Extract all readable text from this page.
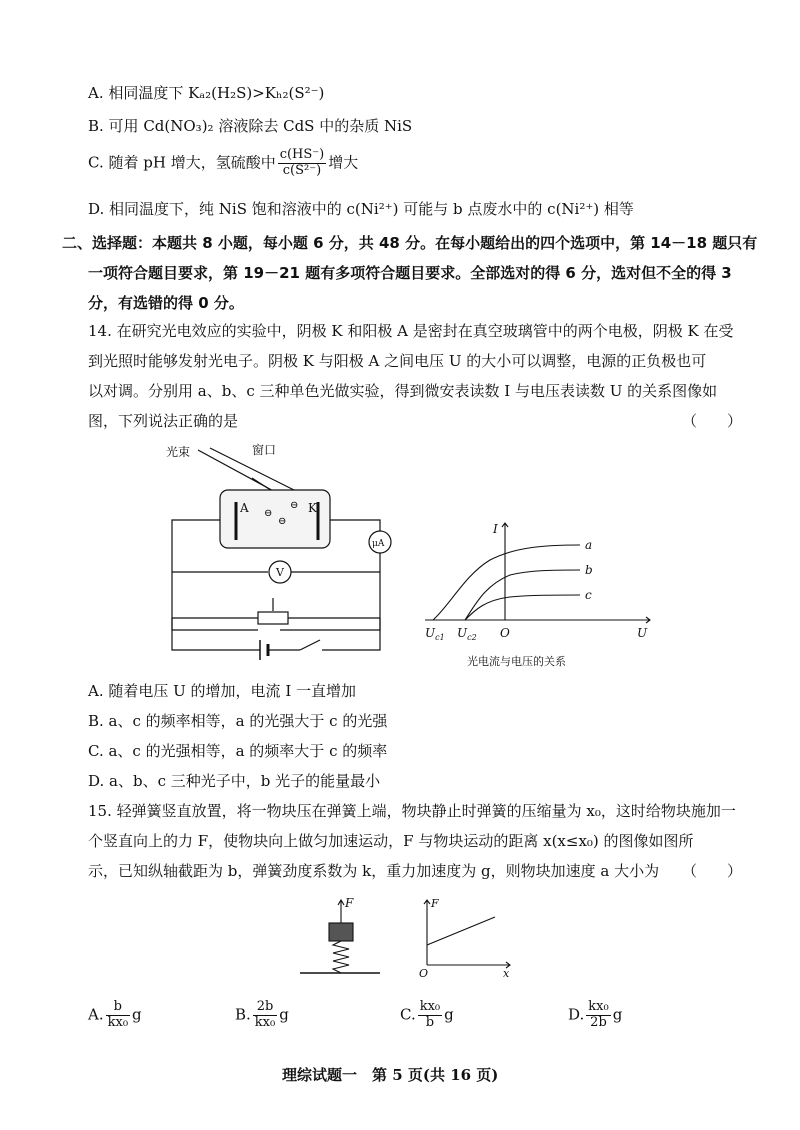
A. 相同温度下 Kₐ₂(H₂S)>Kₕ₂(S²⁻)
B. 可用 Cd(NO₃)₂ 溶液除去 CdS 中的杂质 NiS
C. 随着 pH 增大，氢硫酸中 $\frac{c(HS^-)}{\text{c(S²⁻)}}$ 增大
D. 相同温度下，纯 NiS 饱和溶液中的 c(Ni²⁺) 可能与 b 点废水中的 c(Ni²⁺) 相等
二、选择题：本题共 8 小题，每小题 6 分，共 48 分。在每小题给出的四个选项中，第 14－18 题只有
一项符合题目要求，第 19－21 题有多项符合题目要求。全部选对的得 6 分，选对但不全的得 3
分，有选错的得 0 分。
14. 在研究光电效应的实验中，阴极 K 和阳极 A 是密封在真空玻璃管中的两个电极，阴极 K 在受
到光照时能够发射光电子。阴极 K 与阳极 A 之间电压 U 的大小可以调整，电源的正负极也可
以对调。分别用 a、b、c 三种单色光做实验，得到微安表读数 I 与电压表读数 U 的关系图像如
图，下列说法正确的是	（　　）
光束	窗口
A	K
⊖
⊖
⊖
μA
V
I
U
O
$U_{c1}$ $U_{c2}$
a
b
c
光电流与电压的关系
A. 随着电压 U 的增加，电流 I 一直增加
B. a、c 的频率相等，a 的光强大于 c 的光强
C. a、c 的光强相等，a 的频率大于 c 的频率
D. a、b、c 三种光子中，b 光子的能量最小
15. 轻弹簧竖直放置，将一物块压在弹簧上端，物块静止时弹簧的压缩量为 x₀，这时给物块施加一
个竖直向上的力 F，使物块向上做匀加速运动，F 与物块运动的距离 x(x≤x₀) 的图像如图所
示，已知纵轴截距为 b，弹簧劲度系数为 k，重力加速度为 g，则物块加速度 a 大小为 （　　）
F	F
x
O
A. $\frac{b}{\text{kx₀}}$ g	B. $\frac{2b}{\text{kx₀}}$ g	C. $\frac{\text{kx₀}}{b}$ g	D. $\frac{\text{kx₀}}{2b}$ g
理综试题一　第 5 页(共 16 页)
